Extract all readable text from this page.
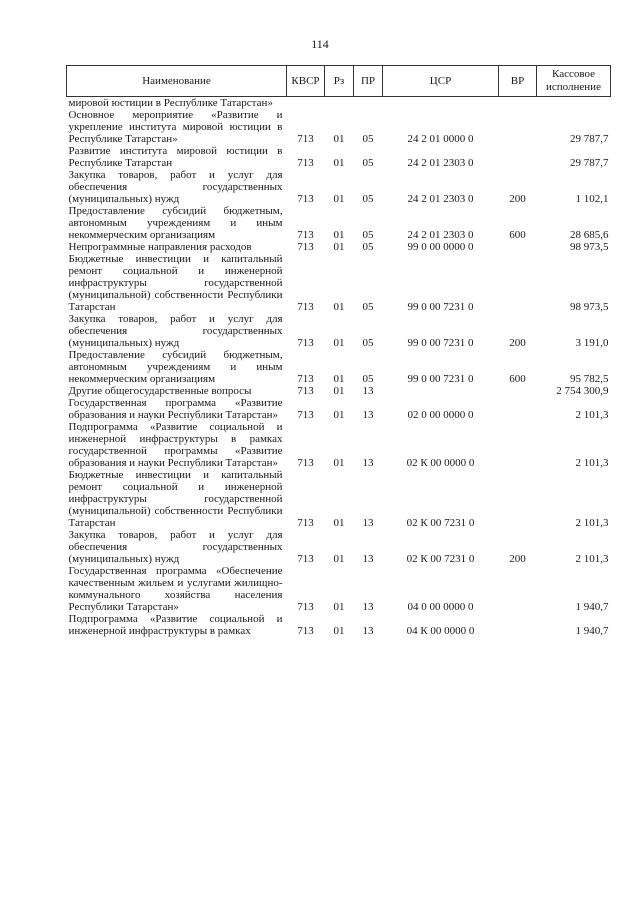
114
Наименование	КВСР	Рз	ПР	ЦСР	ВР	Кассовое исполнение
мировой юстиции в Республике Татарстан»						
Основное мероприятие «Развитие и укрепление института мировой юстиции в Республике Татарстан»	713	01	05	24 2 01 0000 0		29 787,7
Развитие института мировой юстиции в Республике Татарстан	713	01	05	24 2 01 2303 0		29 787,7
Закупка товаров, работ и услуг для обеспечения государственных (муниципальных) нужд	713	01	05	24 2 01 2303 0	200	1 102,1
Предоставление субсидий бюджетным, автономным учреждениям и иным некоммерческим организациям	713	01	05	24 2 01 2303 0	600	28 685,6
Непрограммные направления расходов	713	01	05	99 0 00 0000 0		98 973,5
Бюджетные инвестиции и капитальный ремонт социальной и инженерной инфраструктуры государственной (муниципальной) собственности Республики Татарстан	713	01	05	99 0 00 7231 0		98 973,5
Закупка товаров, работ и услуг для обеспечения государственных (муниципальных) нужд	713	01	05	99 0 00 7231 0	200	3 191,0
Предоставление субсидий бюджетным, автономным учреждениям и иным некоммерческим организациям	713	01	05	99 0 00 7231 0	600	95 782,5
Другие общегосударственные вопросы	713	01	13			2 754 300,9
Государственная программа «Развитие образования и науки Республики Татарстан»	713	01	13	02 0 00 0000 0		2 101,3
Подпрограмма «Развитие социальной и инженерной инфраструктуры в рамках государственной программы «Развитие образования и науки Республики Татарстан»	713	01	13	02 К 00 0000 0		2 101,3
Бюджетные инвестиции и капитальный ремонт социальной и инженерной инфраструктуры государственной (муниципальной) собственности Республики Татарстан	713	01	13	02 К 00 7231 0		2 101,3
Закупка товаров, работ и услуг для обеспечения государственных (муниципальных) нужд	713	01	13	02 К 00 7231 0	200	2 101,3
Государственная программа «Обеспечение качественным жильем и услугами жилищно-коммунального хозяйства населения Республики Татарстан»	713	01	13	04 0 00 0000 0		1 940,7
Подпрограмма «Развитие социальной и инженерной инфраструктуры в рамках	713	01	13	04 К 00 0000 0		1 940,7
